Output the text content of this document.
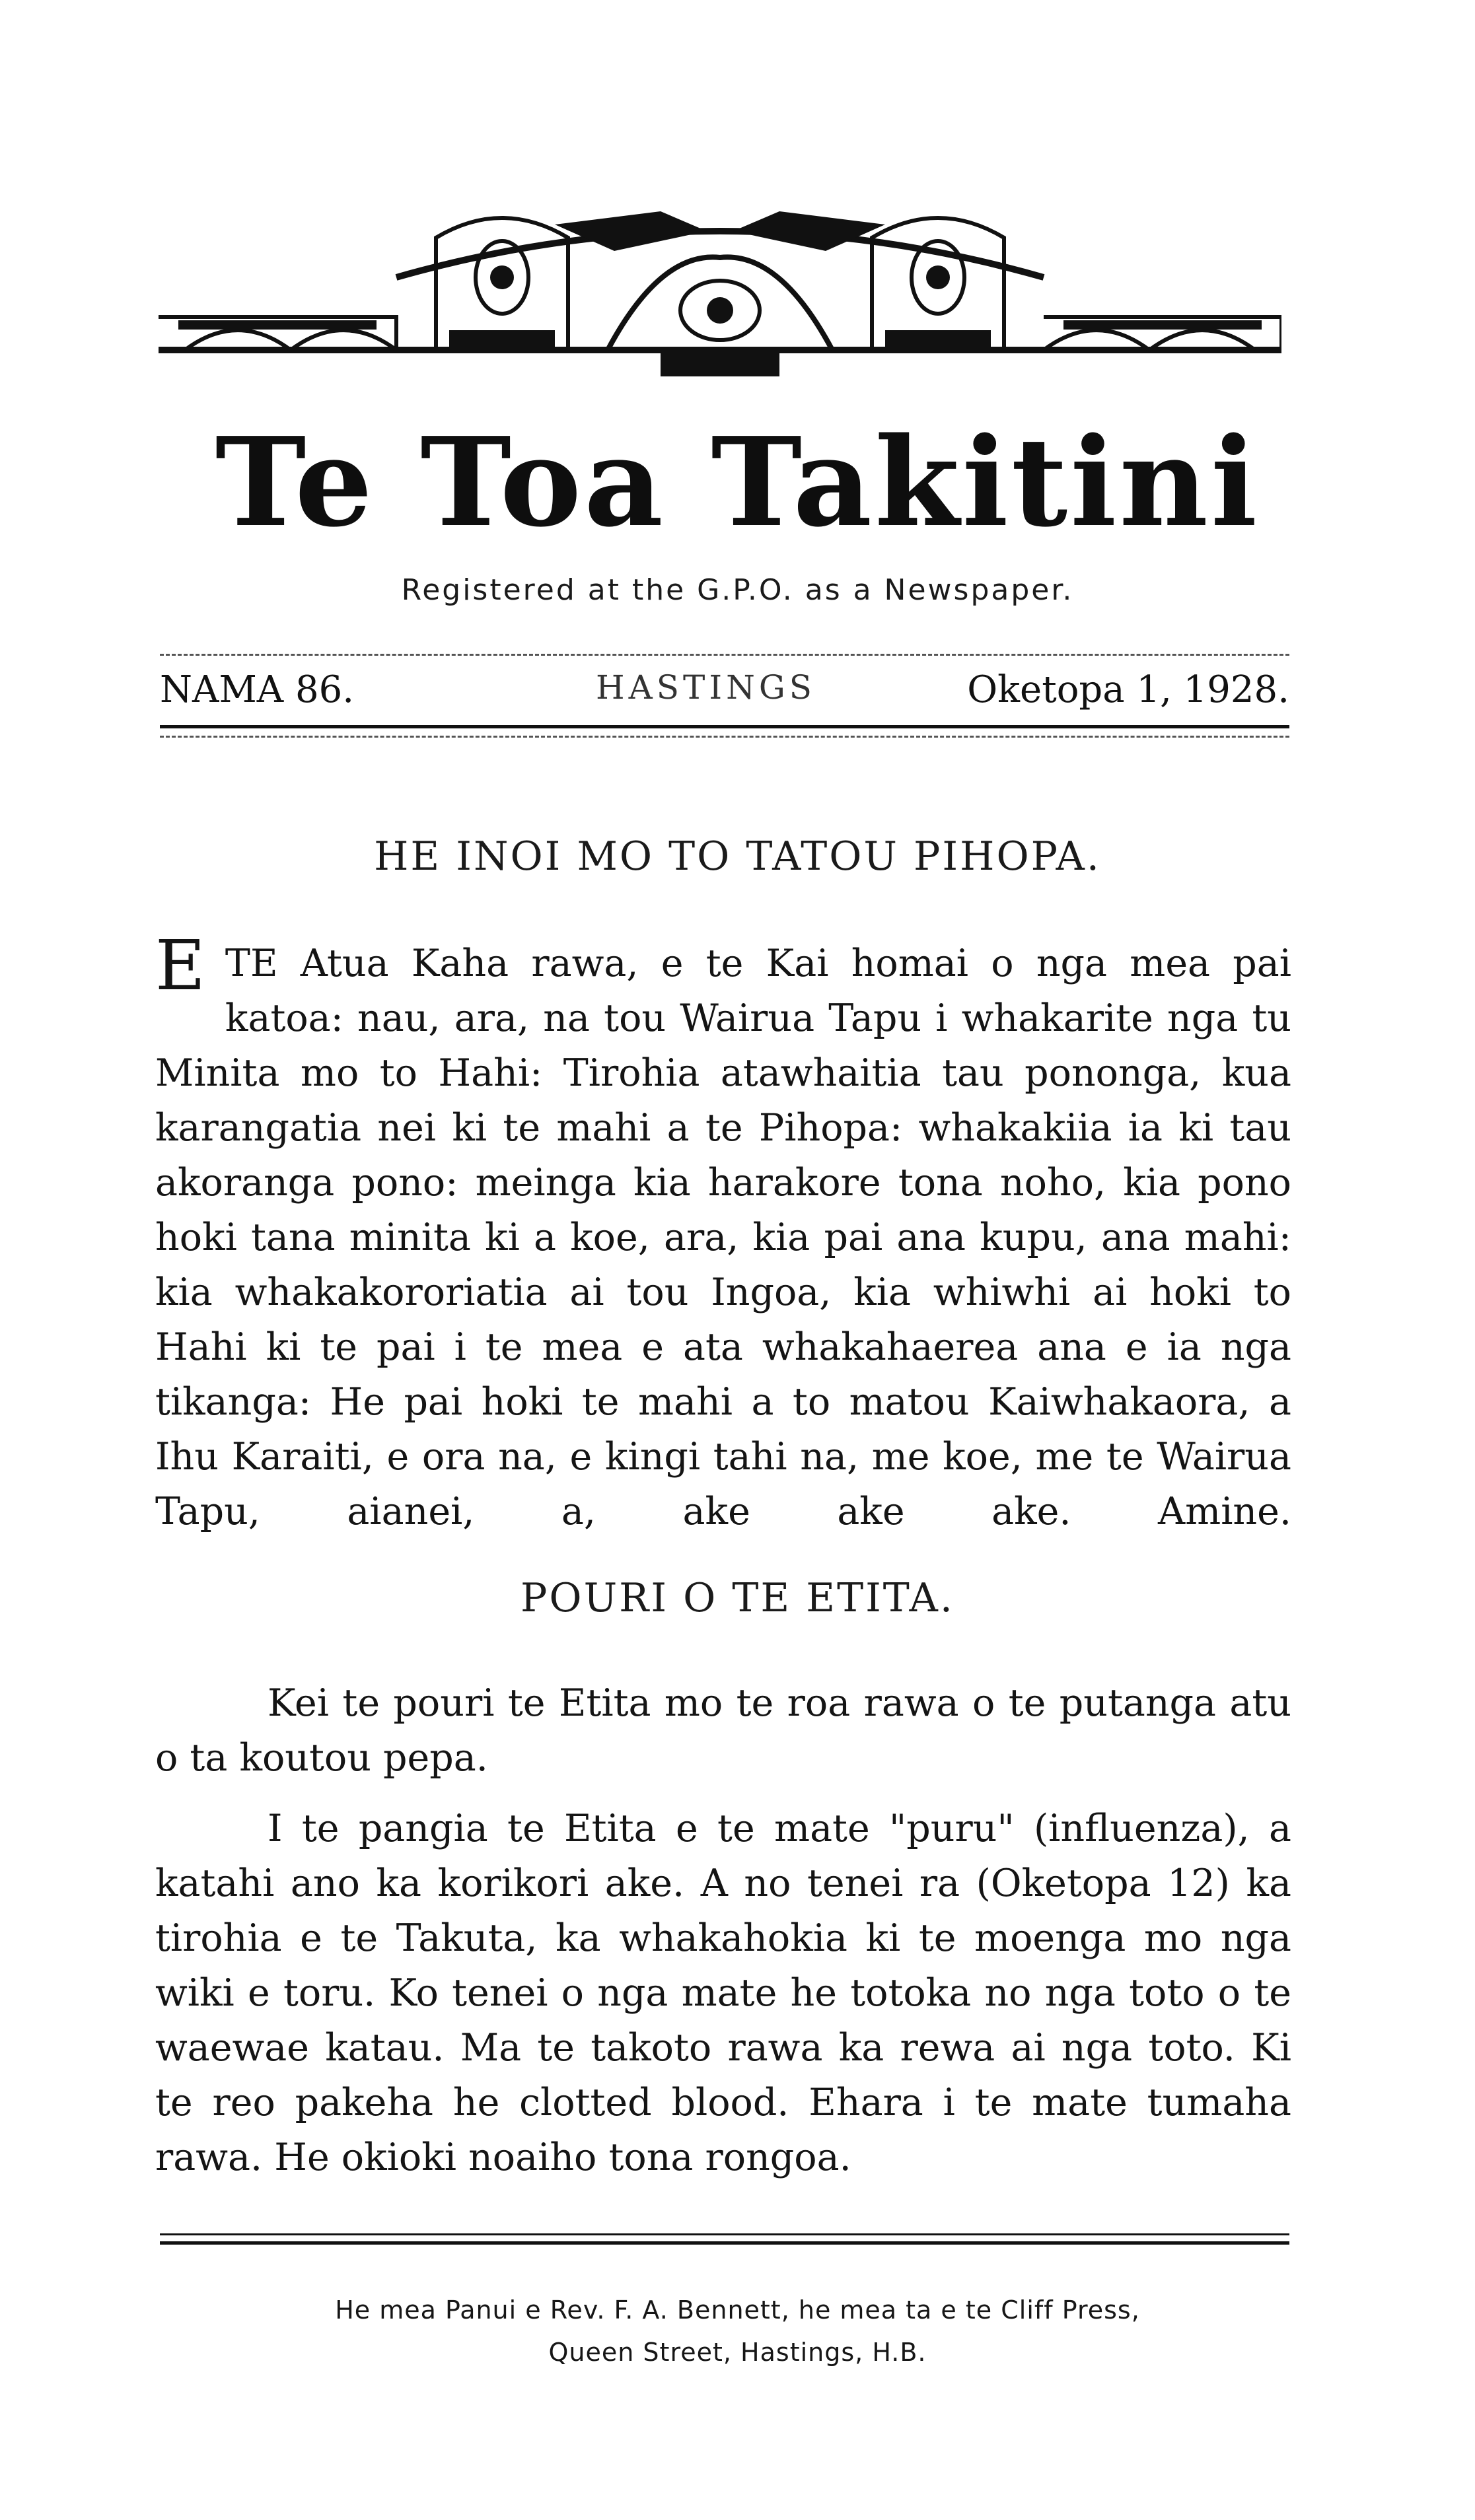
Te Toa Takitini
Registered at the G.P.O. as a Newspaper.
NAMA 86.	HASTINGS	Oketopa 1, 1928.
HE INOI MO TO TATOU PIHOPA.
ETE Atua Kaha rawa, e te Kai homai o nga mea pai katoa: nau, ara, na tou Wairua Tapu i whakarite nga tu Minita mo to Hahi: Tirohia atawhaitia tau pononga, kua karangatia nei ki te mahi a te Pihopa: whakakiia ia ki tau akoranga pono: meinga kia harakore tona noho, kia pono hoki tana minita ki a koe, ara, kia pai ana kupu, ana mahi: kia whakakororiatia ai tou Ingoa, kia whiwhi ai hoki to Hahi ki te pai i te mea e ata whakahaerea ana e ia nga tikanga: He pai hoki te mahi a to matou Kaiwhakaora, a Ihu Karaiti, e ora na, e kingi tahi na, me koe, me te Wairua Tapu, aianei, a, ake ake ake. Amine.
POURI O TE ETITA.
Kei te pouri te Etita mo te roa rawa o te putanga atu o ta koutou pepa.
I te pangia te Etita e te mate "puru" (influenza), a katahi ano ka korikori ake. A no tenei ra (Oketopa 12) ka tirohia e te Takuta, ka whakahokia ki te moenga mo nga wiki e toru. Ko tenei o nga mate he totoka no nga toto o te waewae katau. Ma te takoto rawa ka rewa ai nga toto. Ki te reo pakeha he clotted blood. Ehara i te mate tumaha rawa. He okioki noaiho tona rongoa.
He mea Panui e Rev. F. A. Bennett, he mea ta e te Cliff Press,
Queen Street, Hastings, H.B.
